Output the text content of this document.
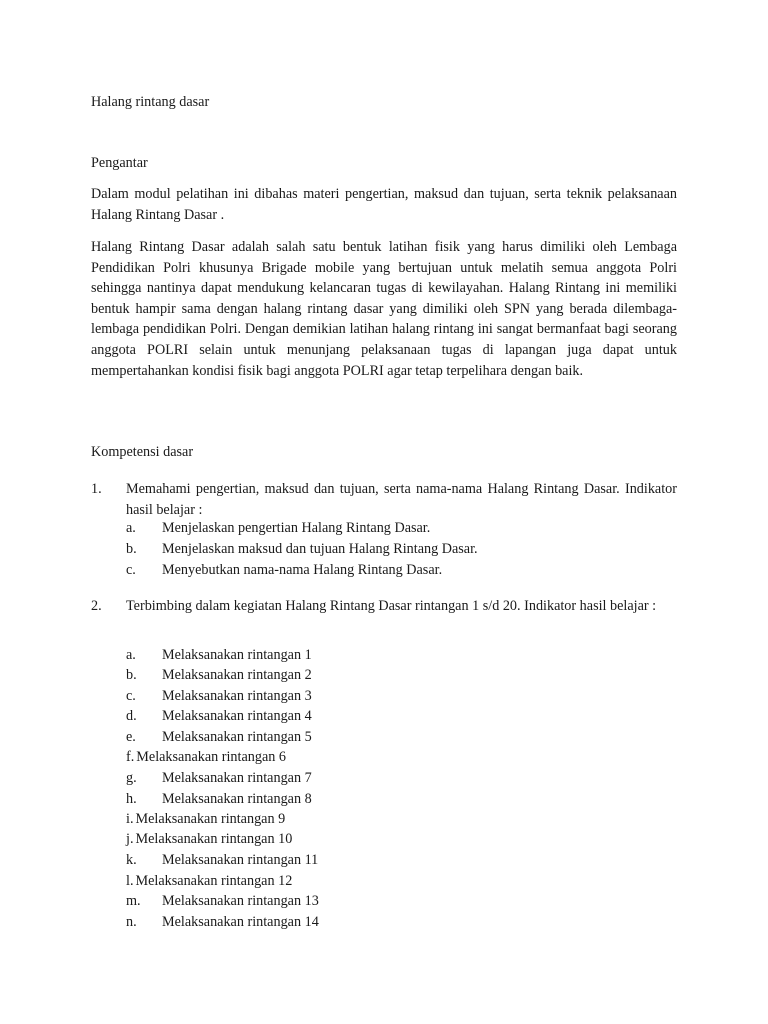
Halang rintang dasar
Pengantar
Dalam modul pelatihan ini dibahas materi pengertian, maksud dan tujuan, serta teknik pelaksanaan Halang Rintang Dasar .
Halang Rintang Dasar adalah salah satu bentuk latihan fisik yang harus dimiliki oleh Lembaga Pendidikan Polri khusunya Brigade mobile yang bertujuan untuk melatih semua anggota Polri sehingga nantinya dapat mendukung kelancaran tugas di kewilayahan. Halang Rintang ini memiliki bentuk hampir sama dengan halang rintang dasar yang dimiliki oleh SPN yang berada dilembaga-lembaga pendidikan Polri. Dengan demikian latihan halang rintang ini sangat bermanfaat bagi seorang anggota POLRI selain untuk menunjang pelaksanaan tugas di lapangan juga dapat untuk mempertahankan kondisi fisik bagi anggota POLRI agar tetap terpelihara dengan baik.
Kompetensi dasar
1. Memahami pengertian, maksud dan tujuan, serta nama-nama Halang Rintang Dasar. Indikator hasil belajar :
a. Menjelaskan pengertian Halang Rintang Dasar.
b. Menjelaskan maksud dan tujuan Halang Rintang Dasar.
c. Menyebutkan nama-nama Halang Rintang Dasar.
2. Terbimbing dalam kegiatan Halang Rintang Dasar rintangan 1 s/d 20. Indikator hasil belajar :
a. Melaksanakan rintangan 1
b. Melaksanakan rintangan 2
c. Melaksanakan rintangan 3
d. Melaksanakan rintangan 4
e. Melaksanakan rintangan 5
f. Melaksanakan rintangan 6
g. Melaksanakan rintangan 7
h. Melaksanakan rintangan 8
i. Melaksanakan rintangan 9
j. Melaksanakan rintangan 10
k. Melaksanakan rintangan 11
l. Melaksanakan rintangan 12
m. Melaksanakan rintangan 13
n. Melaksanakan rintangan 14
